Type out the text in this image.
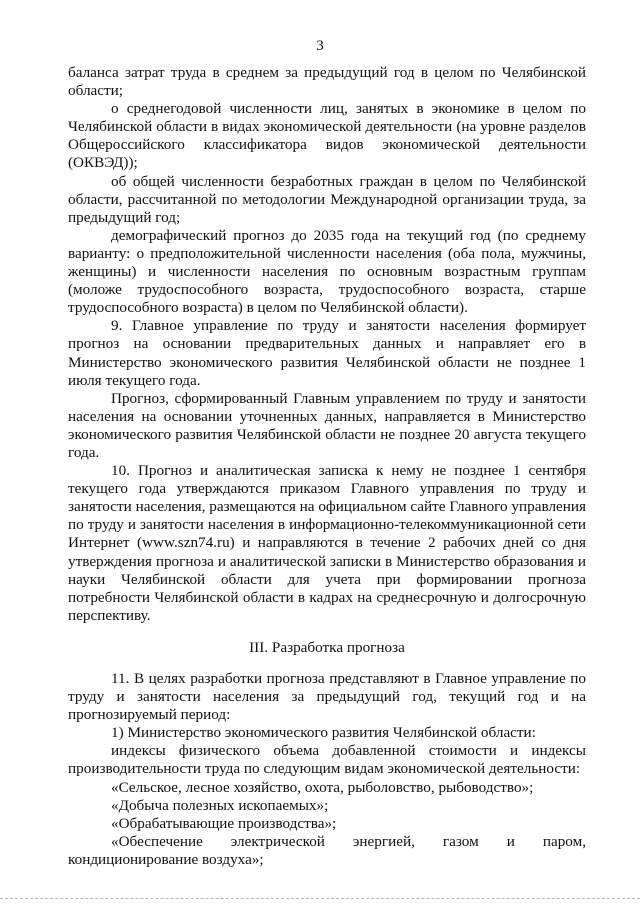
3

баланса затрат труда в среднем за предыдущий год в целом по Челябинской области;

о среднегодовой численности лиц, занятых в экономике в целом по Челябинской области в видах экономической деятельности (на уровне разделов Общероссийского классификатора видов экономической деятельности (ОКВЭД));

об общей численности безработных граждан в целом по Челябинской области, рассчитанной по методологии Международной организации труда, за предыдущий год;

демографический прогноз до 2035 года на текущий год (по среднему варианту: о предположительной численности населения (оба пола, мужчины, женщины) и численности населения по основным возрастным группам (моложе трудоспособного возраста, трудоспособного возраста, старше трудоспособного возраста) в целом по Челябинской области).

9. Главное управление по труду и занятости населения формирует прогноз на основании предварительных данных и направляет его в Министерство экономического развития Челябинской области не позднее 1 июля текущего года.

Прогноз, сформированный Главным управлением по труду и занятости населения на основании уточненных данных, направляется в Министерство экономического развития Челябинской области не позднее 20 августа текущего года.

10. Прогноз и аналитическая записка к нему не позднее 1 сентября текущего года утверждаются приказом Главного управления по труду и занятости населения, размещаются на официальном сайте Главного управления по труду и занятости населения в информационно-телекоммуникационной сети Интернет (www.szn74.ru) и направляются в течение 2 рабочих дней со дня утверждения прогноза и аналитической записки в Министерство образования и науки Челябинской области для учета при формировании прогноза потребности Челябинской области в кадрах на среднесрочную и долгосрочную перспективу.

III. Разработка прогноза

11. В целях разработки прогноза представляют в Главное управление по труду и занятости населения за предыдущий год, текущий год и на прогнозируемый период:

1) Министерство экономического развития Челябинской области:

индексы физического объема добавленной стоимости и индексы производительности труда по следующим видам экономической деятельности:

«Сельское, лесное хозяйство, охота, рыболовство, рыбоводство»;

«Добыча полезных ископаемых»;

«Обрабатывающие производства»;

«Обеспечение электрической энергией, газом и паром, кондиционирование воздуха»;
